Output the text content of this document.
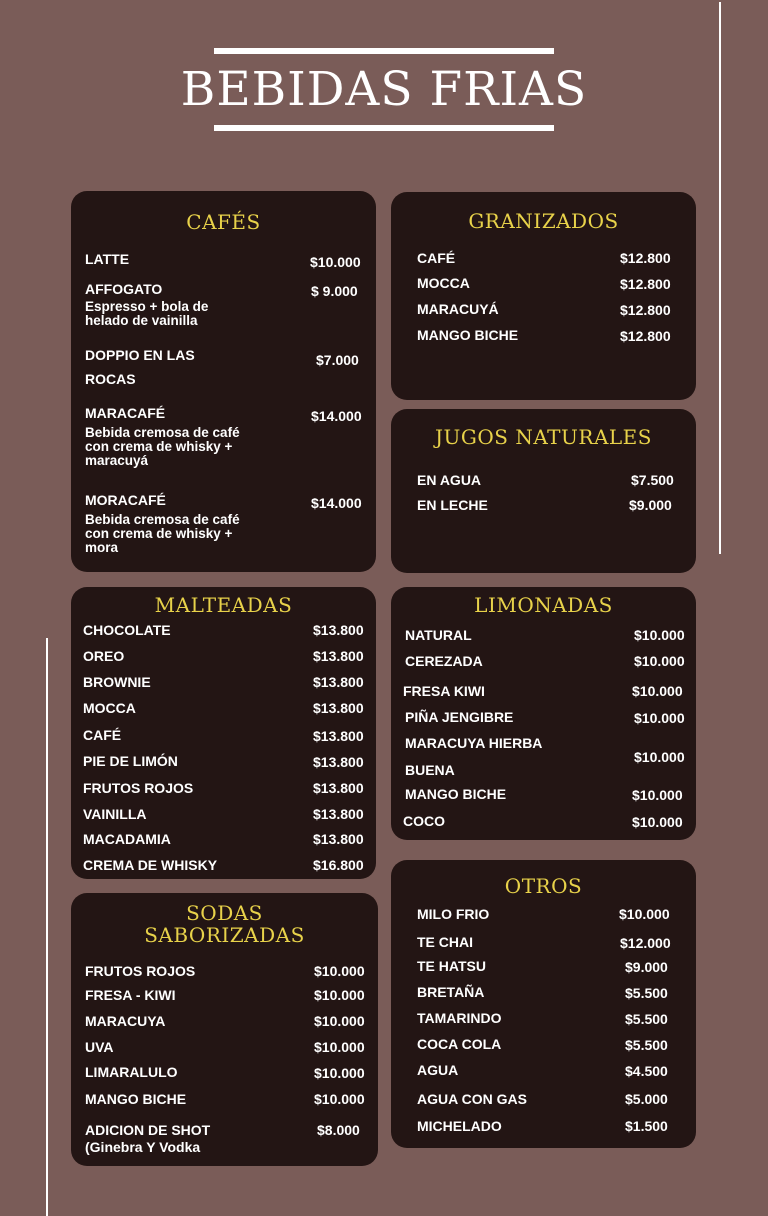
BEBIDAS FRIAS
CAFÉS
LATTE	$10.000
AFFOGATO	$ 9.000
Espresso + bola de
helado de vainilla
DOPPIO EN LAS
ROCAS
$7.000
MARACAFÉ	$14.000
Bebida cremosa de café
con crema de whisky +
maracuyá
MORACAFÉ	$14.000
Bebida cremosa de café
con crema de whisky +
mora
GRANIZADOS
CAFÉ	$12.800
MOCCA	$12.800
MARACUYÁ	$12.800
MANGO BICHE	$12.800
JUGOS NATURALES
EN AGUA	$7.500
EN LECHE	$9.000
MALTEADAS
CHOCOLATE	$13.800
OREO	$13.800
BROWNIE	$13.800
MOCCA	$13.800
CAFÉ	$13.800
PIE DE LIMÓN	$13.800
FRUTOS ROJOS	$13.800
VAINILLA	$13.800
MACADAMIA	$13.800
CREMA DE WHISKY	$16.800
LIMONADAS
NATURAL	$10.000
CEREZADA	$10.000
FRESA KIWI	$10.000
PIÑA JENGIBRE	$10.000
MARACUYA HIERBA
BUENA
$10.000
MANGO BICHE	$10.000
COCO	$10.000
SODAS
SABORIZADAS
FRUTOS ROJOS	$10.000
FRESA - KIWI	$10.000
MARACUYA	$10.000
UVA	$10.000
LIMARALULO	$10.000
MANGO BICHE	$10.000
ADICION DE SHOT
(Ginebra Y Vodka
$8.000
OTROS
MILO FRIO	$10.000
TE CHAI	$12.000
TE HATSU	$9.000
BRETAÑA	$5.500
TAMARINDO	$5.500
COCA COLA	$5.500
AGUA	$4.500
AGUA CON GAS	$5.000
MICHELADO	$1.500
